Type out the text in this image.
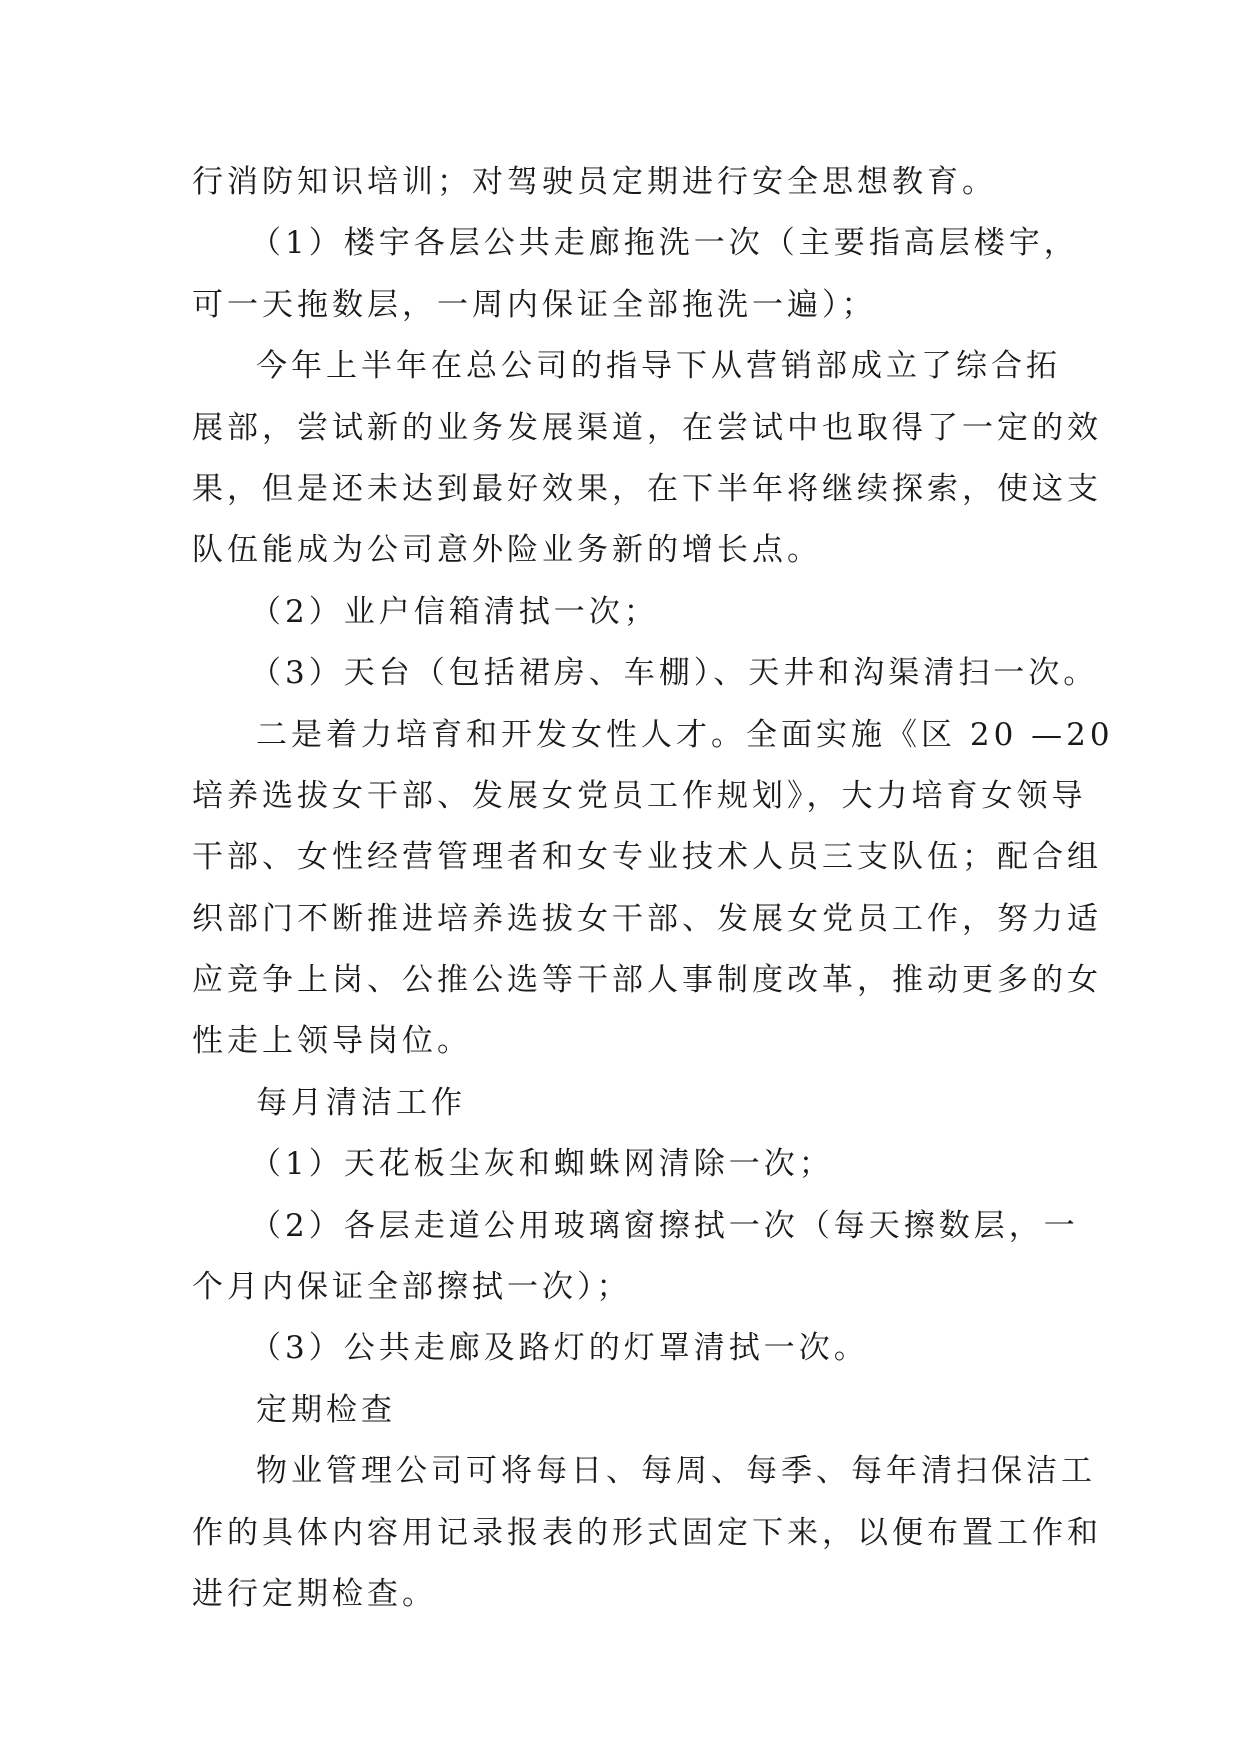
行消防知识培训；对驾驶员定期进行安全思想教育。
（1）楼宇各层公共走廊拖洗一次（主要指高层楼宇，
可一天拖数层，一周内保证全部拖洗一遍）；
今年上半年在总公司的指导下从营销部成立了综合拓
展部，尝试新的业务发展渠道，在尝试中也取得了一定的效
果，但是还未达到最好效果，在下半年将继续探索，使这支
队伍能成为公司意外险业务新的增长点。
（2）业户信箱清拭一次；
（3）天台（包括裙房、车棚）、天井和沟渠清扫一次。
二是着力培育和开发女性人才。全面实施《区 20 —20
培养选拔女干部、发展女党员工作规划》，大力培育女领导
干部、女性经营管理者和女专业技术人员三支队伍；配合组
织部门不断推进培养选拔女干部、发展女党员工作，努力适
应竞争上岗、公推公选等干部人事制度改革，推动更多的女
性走上领导岗位。
每月清洁工作
（1）天花板尘灰和蜘蛛网清除一次；
（2）各层走道公用玻璃窗擦拭一次（每天擦数层，一
个月内保证全部擦拭一次）；
（3）公共走廊及路灯的灯罩清拭一次。
定期检查
物业管理公司可将每日、每周、每季、每年清扫保洁工
作的具体内容用记录报表的形式固定下来，以便布置工作和
进行定期检查。
